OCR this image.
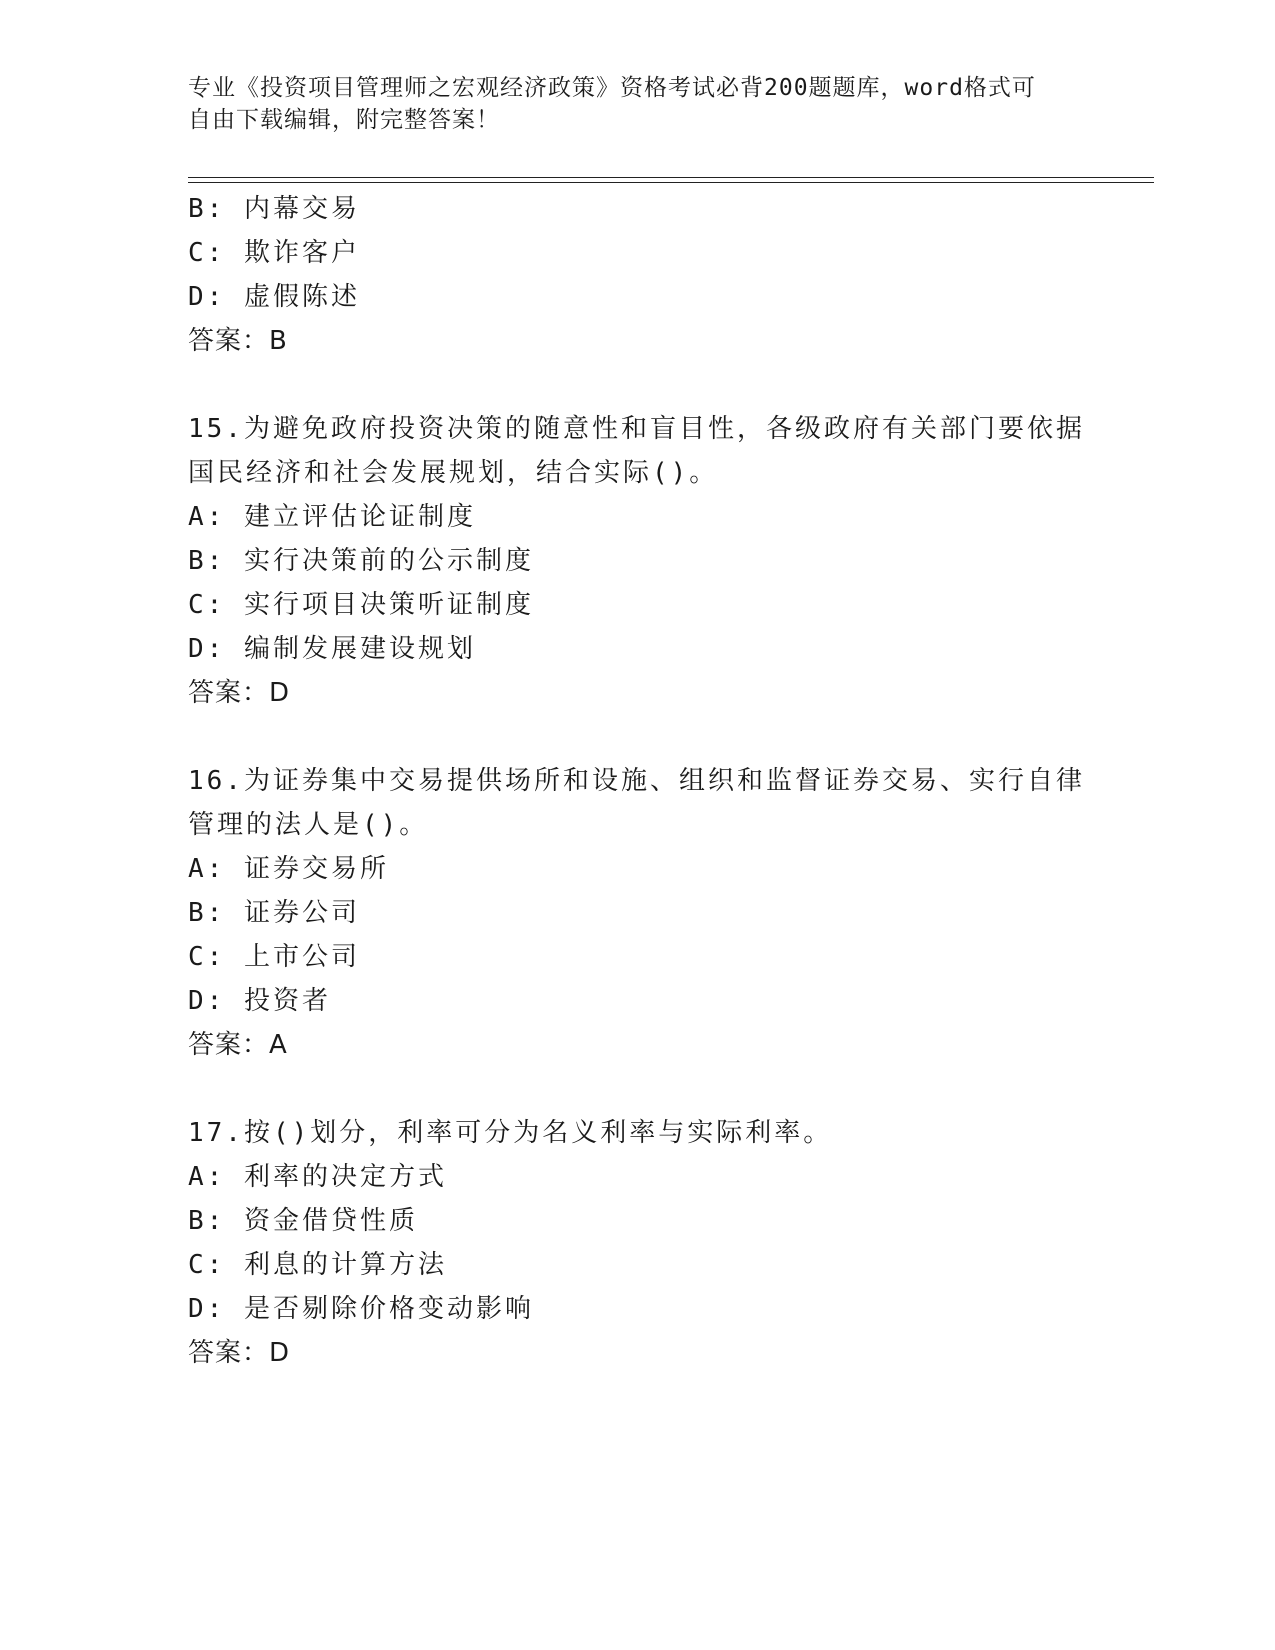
专业《投资项目管理师之宏观经济政策》资格考试必背200题题库，word格式可
自由下载编辑，附完整答案！
B: 内幕交易
C: 欺诈客户
D: 虚假陈述
答案：B
15.为避免政府投资决策的随意性和盲目性，各级政府有关部门要依据
国民经济和社会发展规划，结合实际()。
A: 建立评估论证制度
B: 实行决策前的公示制度
C: 实行项目决策听证制度
D: 编制发展建设规划
答案：D
16.为证券集中交易提供场所和设施、组织和监督证券交易、实行自律
管理的法人是()。
A: 证券交易所
B: 证券公司
C: 上市公司
D: 投资者
答案：A
17.按()划分，利率可分为名义利率与实际利率。
A: 利率的决定方式
B: 资金借贷性质
C: 利息的计算方法
D: 是否剔除价格变动影响
答案：D
